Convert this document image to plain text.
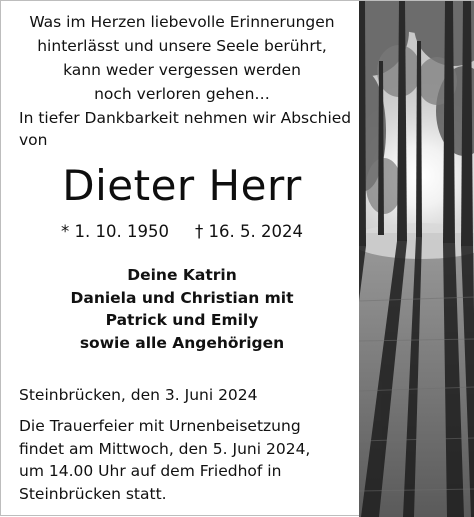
Was im Herzen liebevolle Erinnerungen
hinterlässt und unsere Seele berührt,
kann weder vergessen werden
noch verloren gehen…
In tiefer Dankbarkeit nehmen wir Abschied
von
Dieter Herr
* 1. 10. 1950 † 16. 5. 2024
Deine Katrin
Daniela und Christian mit
Patrick und Emily
sowie alle Angehörigen
Steinbrücken, den 3. Juni 2024
Die Trauerfeier mit Urnenbeisetzung
findet am Mittwoch, den 5. Juni 2024,
um 14.00 Uhr auf dem Friedhof in
Steinbrücken statt.
